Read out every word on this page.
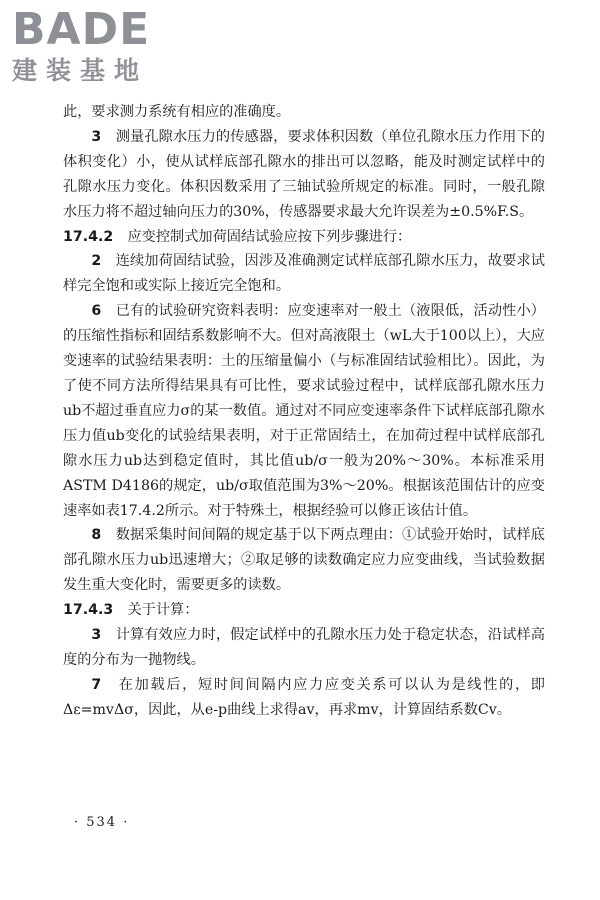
BADE
建装基地

此，要求测力系统有相应的准确度。

3　 测量孔隙水压力的传感器，要求体积因数（单位孔隙水压力作用下的体积变化）小，使从试样底部孔隙水的排出可以忽略，能及时测定试样中的孔隙水压力变化。体积因数采用了三轴试验所规定的标准。同时，一般孔隙水压力将不超过轴向压力的30%，传感器要求最大允许误差为±0.5%F.S。

17.4.2　 应变控制式加荷固结试验应按下列步骤进行：

2　 连续加荷固结试验，因涉及准确测定试样底部孔隙水压力，故要求试样完全饱和或实际上接近完全饱和。

6　 已有的试验研究资料表明：应变速率对一般土（液限低，活动性小）的压缩性指标和固结系数影响不大。但对高液限土（wL大于100以上），大应变速率的试验结果表明：土的压缩量偏小（与标准固结试验相比）。因此，为了使不同方法所得结果具有可比性，要求试验过程中，试样底部孔隙水压力ub不超过垂直应力σ的某一数值。通过对不同应变速率条件下试样底部孔隙水压力值ub变化的试验结果表明，对于正常固结土，在加荷过程中试样底部孔隙水压力ub达到稳定值时，其比值ub/σ一般为20%～30%。本标准采用ASTM D4186的规定，ub/σ取值范围为3%～20%。根据该范围估计的应变速率如表17.4.2所示。对于特殊土，根据经验可以修正该估计值。

8　 数据采集时间间隔的规定基于以下两点理由：①试验开始时，试样底部孔隙水压力ub迅速增大；②取足够的读数确定应力应变曲线，当试验数据发生重大变化时，需要更多的读数。

17.4.3　 关于计算：

3　 计算有效应力时，假定试样中的孔隙水压力处于稳定状态，沿试样高度的分布为一抛物线。

7　 在加载后，短时间间隔内应力应变关系可以认为是线性的，即Δε=mvΔσ，因此，从e-p曲线上求得av，再求mv，计算固结系数Cv。

· 534 ·
